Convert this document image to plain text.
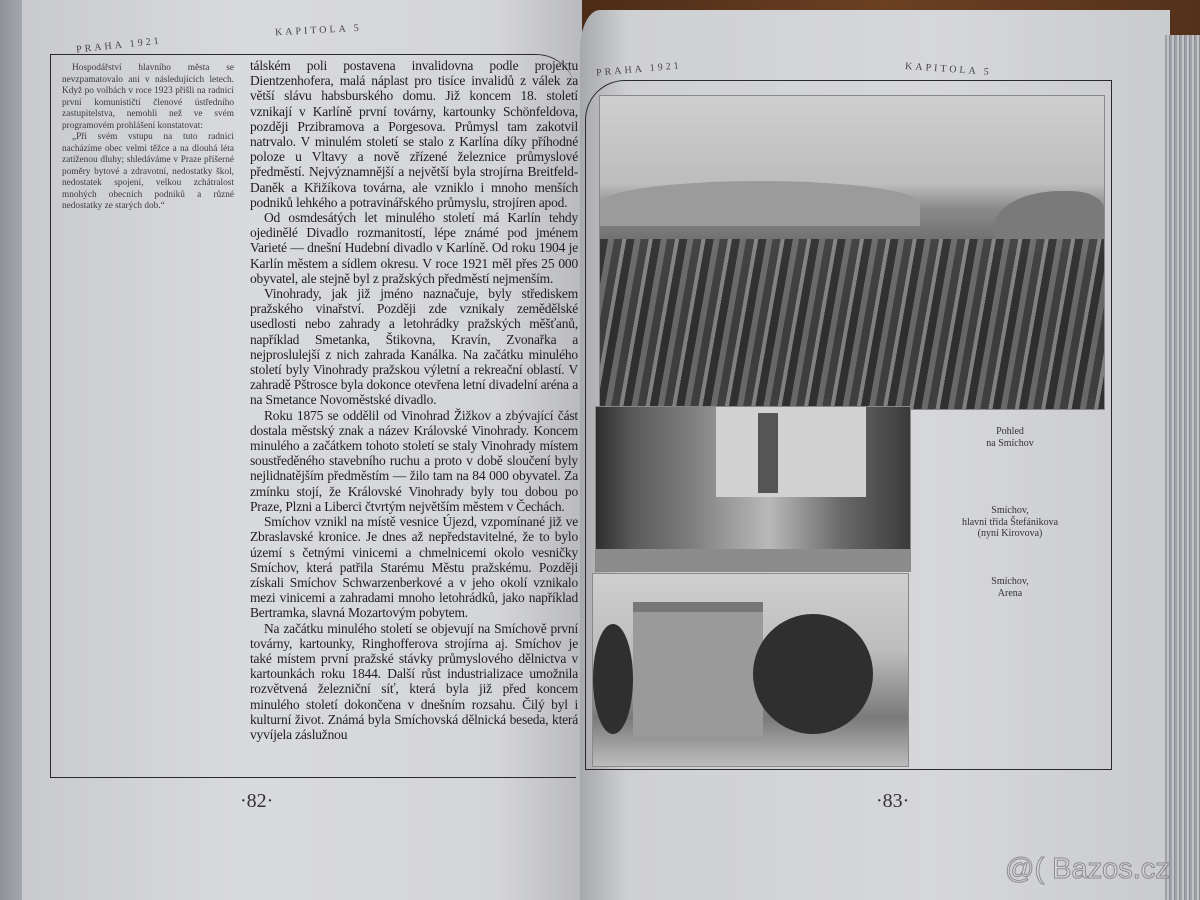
PRAHA 1921
KAPITOLA 5

Hospodářství hlavního města se nevzpamatovalo ani v následujících letech. Když po volbách v roce 1923 přišli na radnici první komunističtí členové ústředního zastupitelstva, nemohli než ve svém programovém prohlášení konstatovat:

„Při svém vstupu na tuto radnici nacházíme obec velmi těžce a na dlouhá léta zatíženou dluhy; shledáváme v Praze příšerné poměry bytové a zdravotní, nedostatky škol, nedostatek spojení, velkou zchátralost mnohých obecních podniků a různé nedostatky ze starých dob.“

tálském poli postavena invalidovna podle projektu Dientzenhofera, malá náplast pro tisíce invalidů z válek za větší slávu habsburského domu. Již koncem 18. století vznikají v Karlíně první továrny, kartounky Schönfeldova, později Przibramova a Porgesova. Průmysl tam zakotvil natrvalo. V minulém století se stalo z Karlína díky příhodné poloze u Vltavy a nově zřízené železnice průmyslové předměstí. Nejvýznamnější a největší byla strojírna Breitfeld-Daněk a Křižíkova továrna, ale vzniklo i mnoho menších podniků lehkého a potravinářského průmyslu, strojíren apod.

Od osmdesátých let minulého století má Karlín tehdy ojedinělé Divadlo rozmanitostí, lépe známé pod jménem Varieté — dnešní Hudební divadlo v Karlíně. Od roku 1904 je Karlín městem a sídlem okresu. V roce 1921 měl přes 25 000 obyvatel, ale stejně byl z pražských předměstí nejmenším.

Vinohrady, jak již jméno naznačuje, byly střediskem pražského vinařství. Později zde vznikaly zemědělské usedlosti nebo zahrady a letohrádky pražských měšťanů, například Smetanka, Štikovna, Kravín, Zvonařka a nejproslulejší z nich zahrada Kanálka. Na začátku minulého století byly Vinohrady pražskou výletní a rekreační oblastí. V zahradě Pštrosce byla dokonce otevřena letní divadelní aréna a na Smetance Novoměstské divadlo.

Roku 1875 se oddělil od Vinohrad Žižkov a zbývající část dostala městský znak a název Královské Vinohrady. Koncem minulého a začátkem tohoto století se staly Vinohrady místem soustředěného stavebního ruchu a proto v době sloučení byly nejlidnatějším předměstím — žilo tam na 84 000 obyvatel. Za zmínku stojí, že Královské Vinohrady byly tou dobou po Praze, Plzni a Liberci čtvrtým největším městem v Čechách.

Smíchov vznikl na místě vesnice Újezd, vzpomínané již ve Zbraslavské kronice. Je dnes až nepředstavitelné, že to bylo území s četnými vinicemi a chmelnicemi okolo vesničky Smíchov, která patřila Starému Městu pražskému. Později získali Smíchov Schwarzenberkové a v jeho okolí vznikalo mezi vinicemi a zahradami mnoho letohrádků, jako například Bertramka, slavná Mozartovým pobytem.

Na začátku minulého století se objevují na Smíchově první továrny, kartounky, Ringhofferova strojírna aj. Smíchov je také místem první pražské stávky průmyslového dělnictva v kartounkách roku 1844. Další růst industrializace umožnila rozvětvená železniční síť, která byla již před koncem minulého století dokončena v dnešním rozsahu. Čilý byl i kulturní život. Známá byla Smíchovská dělnická beseda, která vyvíjela záslužnou

·82·
PRAHA 1921	KAPITOLA 5
Pohled
na Smíchov
Smíchov,
hlavní třída Štefánikova
(nyní Kirovova)
Smíchov,
Arena
·83·
@( Bazos.cz
